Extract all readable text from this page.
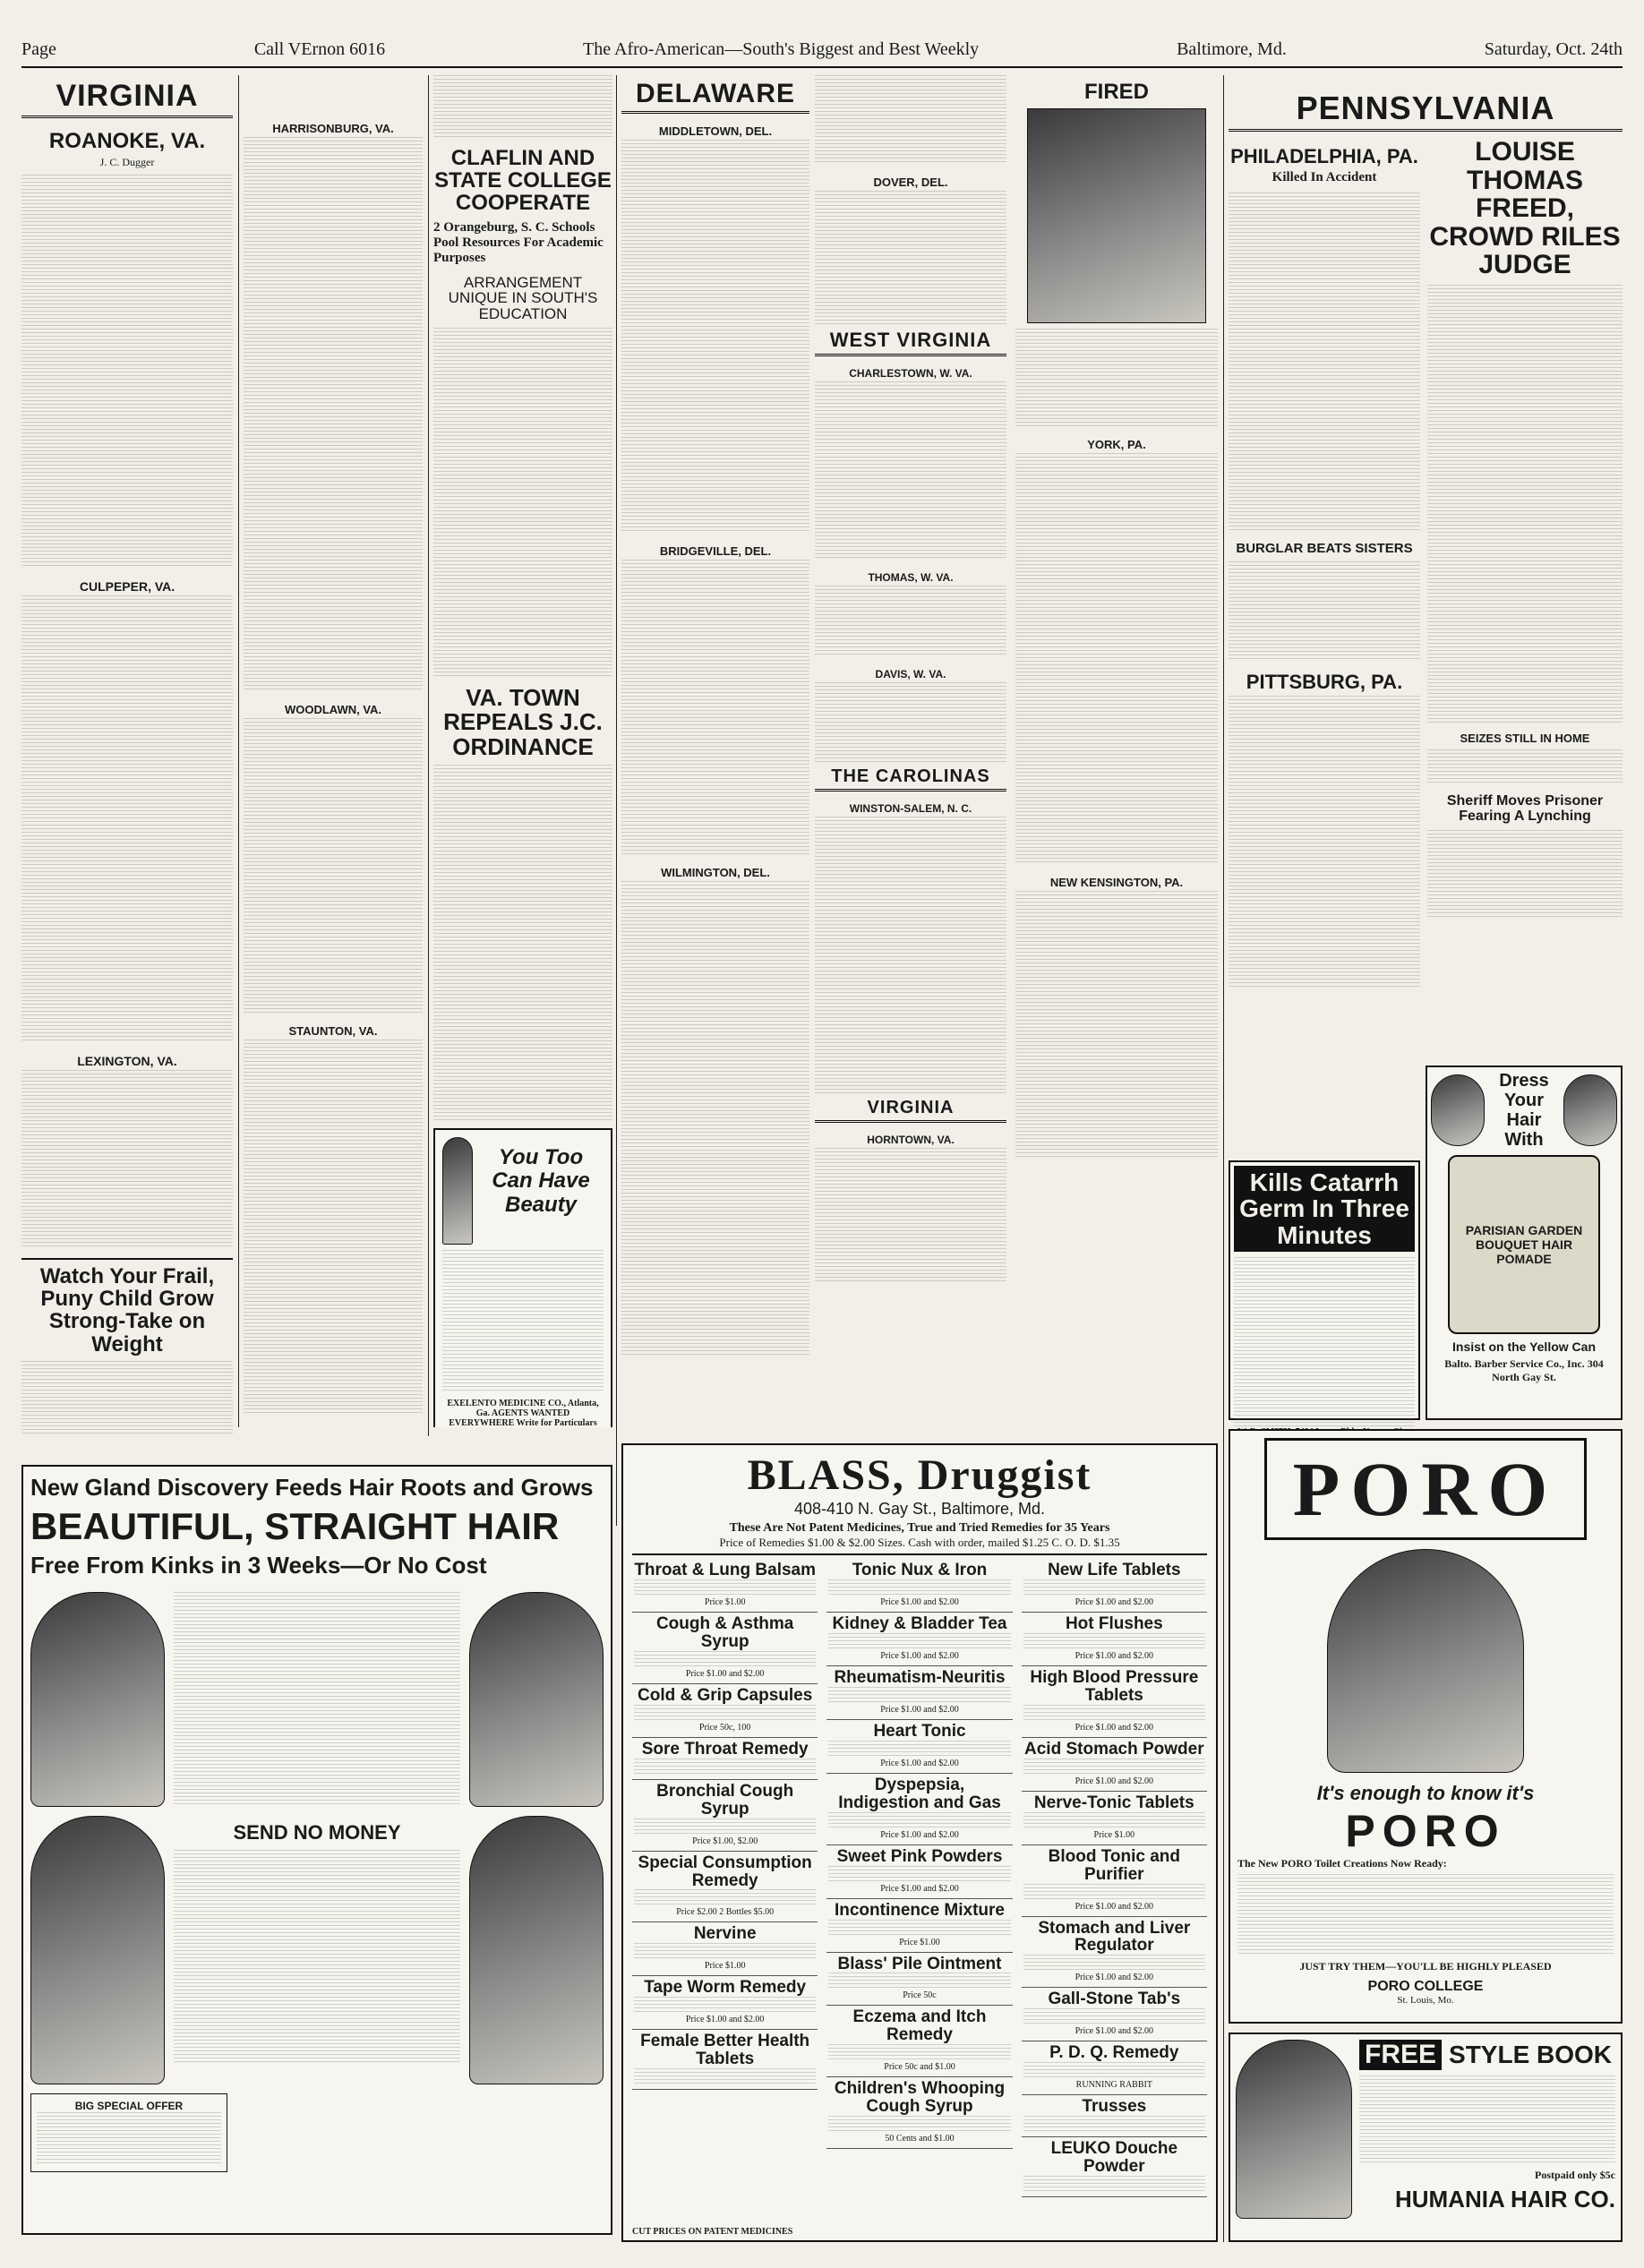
Page	Call VErnon 6016	The Afro-American—South's Biggest and Best Weekly	Baltimore, Md.	Saturday, Oct. 24th
VIRGINIA
ROANOKE, VA.
J. C. Dugger
CULPEPER, VA.
LEXINGTON, VA.
Watch Your Frail, Puny Child Grow Strong-Take on Weight
HARRISONBURG, VA.
WOODLAWN, VA.
STAUNTON, VA.
CLAFLIN AND STATE COLLEGE COOPERATE
2 Orangeburg, S. C. Schools Pool Resources For Academic Purposes
ARRANGEMENT UNIQUE IN SOUTH'S EDUCATION
VA. TOWN REPEALS J.C. ORDINANCE
You Too Can Have Beauty
EXELENTO MEDICINE CO., Atlanta, Ga. AGENTS WANTED EVERYWHERE Write for Particulars
New Gland Discovery Feeds Hair Roots and Grows
BEAUTIFUL, STRAIGHT HAIR
Free From Kinks in 3 Weeks—Or No Cost
SEND NO MONEY
BIG SPECIAL OFFER
DELAWARE
MIDDLETOWN, DEL.
BRIDGEVILLE, DEL.
WILMINGTON, DEL.
DOVER, DEL.
WEST VIRGINIA
CHARLESTOWN, W. VA.
THOMAS, W. VA.
DAVIS, W. VA.
THE CAROLINAS
WINSTON-SALEM, N. C.
VIRGINIA
HORNTOWN, VA.
FIRED
YORK, PA.
NEW KENSINGTON, PA.
BLASS, Druggist
408-410 N. Gay St., Baltimore, Md.
These Are Not Patent Medicines, True and Tried Remedies for 35 Years
Price of Remedies $1.00 & $2.00 Sizes. Cash with order, mailed $1.25 C. O. D. $1.35
Throat & Lung Balsam
Price $1.00
Cough & Asthma Syrup
Price $1.00 and $2.00
Cold & Grip Capsules
Price 50c, 100
Sore Throat Remedy
Bronchial Cough Syrup
Price $1.00, $2.00
Special Consumption Remedy
Price $2.00 2 Bottles $5.00
Nervine
Price $1.00
Tape Worm Remedy
Price $1.00 and $2.00
Female Better Health Tablets
Tonic Nux & Iron
Price $1.00 and $2.00
Kidney & Bladder Tea
Price $1.00 and $2.00
Rheumatism-Neuritis
Price $1.00 and $2.00
Heart Tonic
Price $1.00 and $2.00
Dyspepsia, Indigestion and Gas
Price $1.00 and $2.00
Sweet Pink Powders
Price $1.00 and $2.00
Incontinence Mixture
Price $1.00
Blass' Pile Ointment
Price 50c
Eczema and Itch Remedy
Price 50c and $1.00
Children's Whooping Cough Syrup
50 Cents and $1.00
New Life Tablets
Price $1.00 and $2.00
Hot Flushes
Price $1.00 and $2.00
High Blood Pressure Tablets
Price $1.00 and $2.00
Acid Stomach Powder
Price $1.00 and $2.00
Nerve-Tonic Tablets
Price $1.00
Blood Tonic and Purifier
Price $1.00 and $2.00
Stomach and Liver Regulator
Price $1.00 and $2.00
Gall-Stone Tab's
Price $1.00 and $2.00
P. D. Q. Remedy
RUNNING RABBIT
Trusses
LEUKO Douche Powder
CUT PRICES ON PATENT MEDICINES
PHILADELPHIA, PA.
Killed In Accident
BURGLAR BEATS SISTERS
PITTSBURG, PA.
PENNSYLVANIA
LOUISE THOMAS FREED, CROWD RILES JUDGE
SEIZES STILL IN HOME
Sheriff Moves Prisoner Fearing A Lynching
Kills Catarrh Germ In Three Minutes
Dress Your Hair With
PARISIAN GARDEN BOUQUET HAIR POMADE
Insist on the Yellow Can
Balto. Barber Service Co., Inc. 304 North Gay St.
PORO
It's enough to know it's
PORO
The New PORO Toilet Creations Now Ready:
JUST TRY THEM—YOU'LL BE HIGHLY PLEASED
PORO COLLEGE
St. Louis, Mo.
FREE STYLE BOOK
Postpaid only $5c
HUMANIA HAIR CO.
